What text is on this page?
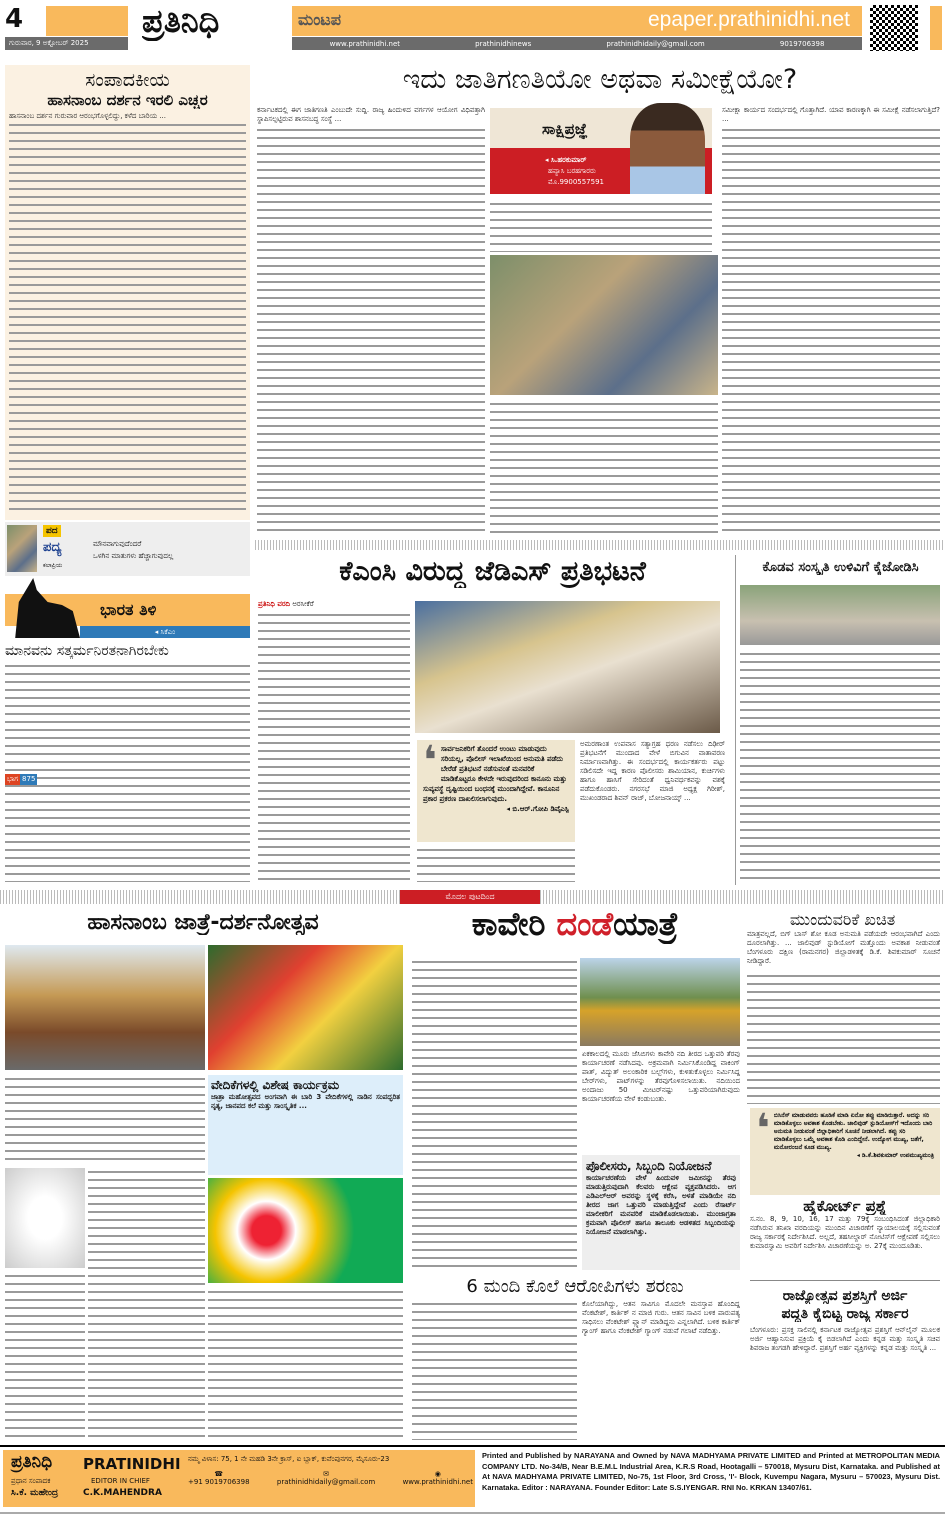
4
ಗುರುವಾರ, 9 ಅಕ್ಟೋಬರ್ 2025
ಪ್ರತಿನಿಧಿ	ಮಂಟಪ	epaper.prathinidhi.net
www.prathinidhi.net	prathinidhinews	prathinidhidaily@gmail.com	9019706398
ಸಂಪಾದಕೀಯ
ಹಾಸನಾಂಬ ದರ್ಶನ ಇರಲಿ ಎಚ್ಚರ
ಹಾಸನಾಂಬ ದರ್ಶನ ಗುರುವಾರ ಆರಂಭಗೊಳ್ಳಲಿದ್ದು, ಕಳೆದ ಬಾರಿಯ ...
ಪದ
ಪದ್ಯ
ಕಲಾಪ್ರಿಯ
ಮೌನವಾಗುವುದೆಂದರೆ
ಒಳಗಿನ ಮಾತುಗಳು ಹೆಚ್ಚಾಗುವುದಲ್ಲ
ಭಾರತ ತಿಳಿ
◂ ಸಿಕೆಎಂ
ಮಾನವನು ಸತ್ಕರ್ಮನಿರತನಾಗಿರಬೇಕು
ಭಾಗ 875
ಇದು ಜಾತಿಗಣತಿಯೋ ಅಥವಾ ಸಮೀಕ್ಷೆಯೋ?
ಕರ್ನಾಟಕದಲ್ಲಿ ಈಗ ಜಾತಿಗಣತಿ ಎಂಬುದೇ ಸುದ್ದಿ. ರಾಜ್ಯ ಹಿಂದುಳಿದ ವರ್ಗಗಳ ಆಯೋಗ ವಿಧಿವತ್ತಾಗಿ ಸ್ಥಾಪಿಸಲ್ಪಟ್ಟಿರುವ ಶಾಸನಬದ್ಧ ಸಂಸ್ಥೆ ...
ಸಾಕ್ಷಿಪ್ರಜ್ಞೆ
◂ ಸಿ.ಹರಕುಮಾರ್
ಹವ್ಯಾಸಿ ಬರಹಗಾರರು
ಮೊ.9900557591
ಸಮೀಕ್ಷಾ ಕಾರ್ಯದ ಸಂದರ್ಭದಲ್ಲಿ ಗೊತ್ತಾಗಿದೆ. ಯಾವ ಕಾರಣಕ್ಕಾಗಿ ಈ ಸಮೀಕ್ಷೆ ನಡೆಸಲಾಗುತ್ತಿದೆ? ...
ಕೆಎಂಸಿ ವಿರುದ್ಧ ಜೆಡಿಎಸ್ ಪ್ರತಿಭಟನೆ
ಪ್ರತಿನಿಧಿ ವರದಿ ಅರಸೀಕೆರೆ
❛ ಸಾರ್ವಜನಿಕರಿಗೆ ತೊಂದರೆ ಉಂಟು ಮಾಡುವುದು ಸರಿಯಲ್ಲ, ಪೊಲೀಸ್ ಇಲಾಖೆಯಿಂದ ಅನುಮತಿ ಪಡೆದು ಬೇರೆಡೆ ಪ್ರತಿಭಟನೆ ನಡೆಸುವಂತೆ ಮನವರಿಕೆ ಮಾಡಿಕೊಟ್ಟರೂ ಕೇಳದೇ ಇರುವುದರಿಂದ ಕಾನೂನು ಮತ್ತು ಸುವ್ಯವಸ್ಥೆ ದೃಷ್ಟಿಯಿಂದ ಬಂಧನಕ್ಕೆ ಮುಂದಾಗಿದ್ದೇವೆ. ಕಾನೂನಿನ ಪ್ರಕಾರ ಪ್ರಕರಣ ದಾಖಲಿಸಲಾಗುವುದು.
◂ ಬಿ.ಆರ್.ಗೋಪಿ ಡಿವೈಎಸ್ಪಿ
ಅಮರಣಾಂತ ಉಪವಾಸ ಸತ್ಯಾಗ್ರಹ ಧರಣ ನಡೆಸಲು ದಿಢೀರ್ ಪ್ರತಿಭಟನೆಗೆ ಮುಂದಾದ ವೇಳೆ ಬಿಗುವಿನ ವಾತಾವರಣ ನಿರ್ಮಾಣವಾಗಿತ್ತು. ಈ ಸಂದರ್ಭದಲ್ಲಿ ಕಾರ್ಯಕರ್ತರು ಪಟ್ಟು ಸಡಿಲಿಸದೇ ಇದ್ದ ಕಾರಣ ಪೊಲೀಸರು ಶಾಮಿಯಾನ, ಕುರ್ಚಿಗಳು ಹಾಗೂ ಹಾಸಿಗೆ ಸೇರಿದಂತೆ ಧ್ವನಿವರ್ಧಕವನ್ನು ವಶಕ್ಕೆ ಪಡೆದುಕೊಂಡರು. ನಗರಸಭೆ ಮಾಜಿ ಅಧ್ಯಕ್ಷ ಗಿರೀಶ್, ಮುಖಂಡರಾದ ಶಿವನ್ ರಾಜ್, ಬೋಜನಾಯ್ಕ್ ...
ಕೊಡವ ಸಂಸ್ಕೃತಿ ಉಳಿವಿಗೆ ಕೈಜೋಡಿಸಿ
ಮೊದಲ ಪುಟದಿಂದ
ಹಾಸನಾಂಬ ಜಾತ್ರೆ-ದರ್ಶನೋತ್ಸವ
ವೇದಿಕೆಗಳಲ್ಲಿ ವಿಶೇಷ ಕಾರ್ಯಕ್ರಮ
ಜಾತ್ರಾ ಮಹೋತ್ಸವದ ಅಂಗವಾಗಿ ಈ ಬಾರಿ 3 ವೇದಿಕೆಗಳಲ್ಲಿ ನಾಡಿನ ಸಂಪದ್ಭರಿತ ನೃತ್ಯ, ಜಾನಪದ ಕಲೆ ಮತ್ತು ಸಾಂಸ್ಕೃತಿಕ ...
ಕಾವೇರಿ ದಂಡೆಯಾತ್ರೆ
ಏಕಕಾಲದಲ್ಲಿ ಮೂರು ಜೆಸಿಬಿಗಳು ಕಾವೇರಿ ನದಿ ತೀರದ ಒತ್ತುವರಿ ತೆರವು ಕಾರ್ಯಾಚರಣೆ ನಡೆಸಿದವು. ಅಕ್ರಮವಾಗಿ ನಿರ್ಮಿಸಿಕೊಂಡಿದ್ದ ವಾಕಿಂಗ್ ಪಾತ್, ವಿದ್ಯುತ್ ಅಲಂಕಾರಿಕ ಬಲ್ಬ್‌ಗಳು, ಕುಳಿತುಕೊಳ್ಳಲು ನಿರ್ಮಿಸಿದ್ದ ಬೇರ್‌ಗಳು, ಪಾಟ್‌ಗಳನ್ನು ತೆರವುಗೊಳಿಸಲಾಯಿತು. ನದಿಯಿಂದ ಅಂದಾಜು 50 ಮೀಟರ್‌ನಷ್ಟು ಒತ್ತುವರಿಯಾಗಿರುವುದು ಕಾರ್ಯಾಚರಣೆಯ ವೇಳೆ ಕಂಡುಬಂತು.
ಪೊಲೀಸರು, ಸಿಬ್ಬಂದಿ ನಿಯೋಜನೆ
ಕಾರ್ಯಾಚರಣೆಯ ವೇಳೆ ಹಿಂದುವಳಿ ಜಮೀನನ್ನು ತೆರವು ಮಾಡುತ್ತಿರುವುದಾಗಿ ಕೆಲವರು ಆಕ್ಷೇಪ ವ್ಯಕ್ತಪಡಿಸಿದರು. ಆಗ ಎಡಿಎಲ್‌ಆರ್ ಅವರನ್ನು ಸ್ಥಳಕ್ಕೆ ಕರೆಸಿ, ಅಳತೆ ಮಾಡಿಯೇ ನದಿ ತೀರದ ಜಾಗ ಒತ್ತುವರಿ ಮಾಡುತ್ತಿದ್ದೇವೆ ಎಂದು ರೆಸಾರ್ಟ್ ಮಾಲೀಕರಿಗೆ ಮನವರಿಕೆ ಮಾಡಿಕೊಡಲಾಯಿತು. ಮುಂಜಾಗ್ರತಾ ಕ್ರಮವಾಗಿ ಪೊಲೀಸ್ ಹಾಗೂ ತಾಲೂಕು ಆಡಳಿತದ ಸಿಬ್ಬಂದಿಯನ್ನು ನಿಯೋಜನೆ ಮಾಡಲಾಗಿತ್ತು.
ಮುಂದುವರಿಕೆ ಖಚಿತ
ಮಾತ್ರವಲ್ಲದೆ, ಬಿಗ್ ಬಾಸ್ ಶೋ ಕೂಡ ಅನುಮತಿ ಪಡೆಯದೇ ಆರಂಭವಾಗಿದೆ ಎಂದು ದೂರಲಾಗಿತ್ತು. ... ಜಾಲಿವುಡ್ ಸ್ಟುಡಿಯೋಗೆ ಮತ್ತೊಂದು ಅವಕಾಶ ನೀಡುವಂತೆ ಬೆಂಗಳೂರು ದಕ್ಷಿಣ (ರಾಮನಗರ) ಜಿಲ್ಲಾಡಳಿತಕ್ಕೆ ಡಿ.ಕೆ. ಶಿವಕುಮಾರ್ ಸೂಚನೆ ನೀಡಿದ್ದಾರೆ.
❛ ಬಿಸಿನೆಸ್ ಮಾಡುವವರು ಹೂಡಿಕೆ ಮಾಡಿ ಏನೋ ತಪ್ಪು ಮಾಡಿರುತ್ತಾರೆ. ಅದನ್ನು ಸರಿ ಮಾಡಿಕೊಳ್ಳಲು ಅವಕಾಶ ಕೊಡಬೇಕು. ಜಾಲಿವುಡ್ ಸ್ಟುಡಿಯೋಸ್‌ಗೆ ಇದೊಂದು ಬಾರಿ ಅನುಮತಿ ನೀಡುವಂತೆ ಜಿಲ್ಲಾಧಿಕಾರಿಗೆ ಸೂಚನೆ ನೀಡಲಾಗಿದೆ. ತಪ್ಪು ಸರಿ ಮಾಡಿಕೊಳ್ಳಲು ಒಮ್ಮೆ ಅವಕಾಶ ಕೊಡಿ ಎಂದಿದ್ದೇನೆ. ಉದ್ಯೋಗ ಮುಖ್ಯ, ಜತೆಗೆ, ಮನೋರಂಜನೆ ಕೂಡ ಮುಖ್ಯ.
◂ ಡಿ.ಕೆ.ಶಿವಕುಮಾರ್ ಉಪಮುಖ್ಯಮಂತ್ರಿ
ಹೈಕೋರ್ಟ್ ಪ್ರಶ್ನೆ
ಸ.ನಂ. 8, 9, 10, 16, 17 ಮತ್ತು 79ಕ್ಕೆ ಸಂಬಂಧಿಸಿದಂತೆ ಜಿಲ್ಲಾಧಿಕಾರಿ ನಡೆಸಿರುವ ತನಿಖಾ ವರದಿಯನ್ನು ಮುಂದಿನ ವಿಚಾರಣೆಗೆ ನ್ಯಾಯಾಲಯಕ್ಕೆ ಸಲ್ಲಿಸುವಂತೆ ರಾಜ್ಯ ಸರ್ಕಾರಕ್ಕೆ ನಿರ್ದೇಶಿಸಿದೆ. ಅಲ್ಲದೆ, ತಹಸೀಲ್ದಾರ್ ನೋಟಿಸ್‌ಗೆ ಆಕ್ಷೇಪಣೆ ಸಲ್ಲಿಸಲು ಕುಮಾರಸ್ವಾಮಿ ಅವರಿಗೆ ನಿರ್ದೇಶಿಸಿ ವಿಚಾರಣೆಯನ್ನು ಅ. 27ಕ್ಕೆ ಮುಂದೂಡಿತು.
6 ಮಂದಿ ಕೊಲೆ ಆರೋಪಿಗಳು ಶರಣು
ಕೊಲೆಯಾಗಿದ್ದು, ಆತನ ಸಾವಿಗೂ ಮೊದಲೇ ಮನಸ್ತಾಪ ಹೊಂದಿದ್ದ ವೆಂಕಟೇಶ್, ಕಾರ್ತಿಕ್ ನ ಮಾಜಿ ಗುರು. ಆತನ ಸಾವಿನ ಬಳಿಕ ಪಾರುಪತ್ಯ ಸಾಧಿಸಲು ವೆಂಕಟೇಶ್ ಪ್ಲ್ಯಾನ್ ಮಾಡಿದ್ದನು ಎನ್ನಲಾಗಿದೆ. ಬಳಿಕ ಕಾರ್ತಿಕ್ ಗ್ಯಾಂಗ್ ಹಾಗೂ ವೆಂಕಟೇಶ್ ಗ್ಯಾಂಗ್ ನಡುವೆ ಗಲಾಟೆ ನಡೆದಿತ್ತು.
ರಾಜ್ಯೋತ್ಸವ ಪ್ರಶಸ್ತಿಗೆ ಅರ್ಜಿ
ಪದ್ಧತಿ ಕೈಬಿಟ್ಟ ರಾಜ್ಯ ಸರ್ಕಾರ
ಬೆಂಗಳೂರು: ಪ್ರಸಕ್ತ ಸಾಲಿನಲ್ಲಿ ಕರ್ನಾಟಕ ರಾಜ್ಯೋತ್ಸವ ಪ್ರಶಸ್ತಿಗೆ ಆನ್‌ಲೈನ್ ಮೂಲಕ ಅರ್ಜಿ ಆಹ್ವಾನಿಸುವ ಪ್ರಕ್ರಿಯೆ ಕೈ ಬಿಡಲಾಗಿದೆ ಎಂದು ಕನ್ನಡ ಮತ್ತು ಸಂಸ್ಕೃತಿ ಸಚಿವ ಶಿವರಾಜ ತಂಗಡಗಿ ಹೇಳಿದ್ದಾರೆ. ಪ್ರಶಸ್ತಿಗೆ ಅರ್ಹ ವ್ಯಕ್ತಿಗಳನ್ನು ಕನ್ನಡ ಮತ್ತು ಸಂಸ್ಕೃತಿ ...
ಪ್ರತಿನಿಧಿ PRATINIDHI
ಪ್ರಧಾನ ಸಂಪಾದಕ	EDITOR IN CHIEF
ಸಿ.ಕೆ. ಮಹೇಂದ್ರ	C.K.MAHENDRA
ನಮ್ಮ ವಿಳಾಸ: 75, 1 ನೇ ಮಹಡಿ 3ನೇ ಕ್ರಾಸ್, ಐ ಬ್ಲಾಕ್, ಕುವೆಂಪುನಗರ, ಮೈಸೂರು-23
☎
+91 9019706398
✉
prathinidhidaily@gmail.com
◉
www.prathinidhi.net
Printed and Published by NARAYANA and Owned by NAVA MADHYAMA PRIVATE LIMITED and Printed at METROPOLITAN MEDIA COMPANY LTD. No-34/B, Near B.E.M.L Industrial Area, K.R.S Road, Hootagalli – 570018, Mysuru Dist, Karnataka. and Published at At NAVA MADHYAMA PRIVATE LIMITED, No-75, 1st Floor, 3rd Cross, 'I'- Block, Kuvempu Nagara, Mysuru – 570023, Mysuru Dist. Karnataka. Editor : NARAYANA. Founder Editor: Late S.S.IYENGAR. RNI No. KRKAN 13407/61.
